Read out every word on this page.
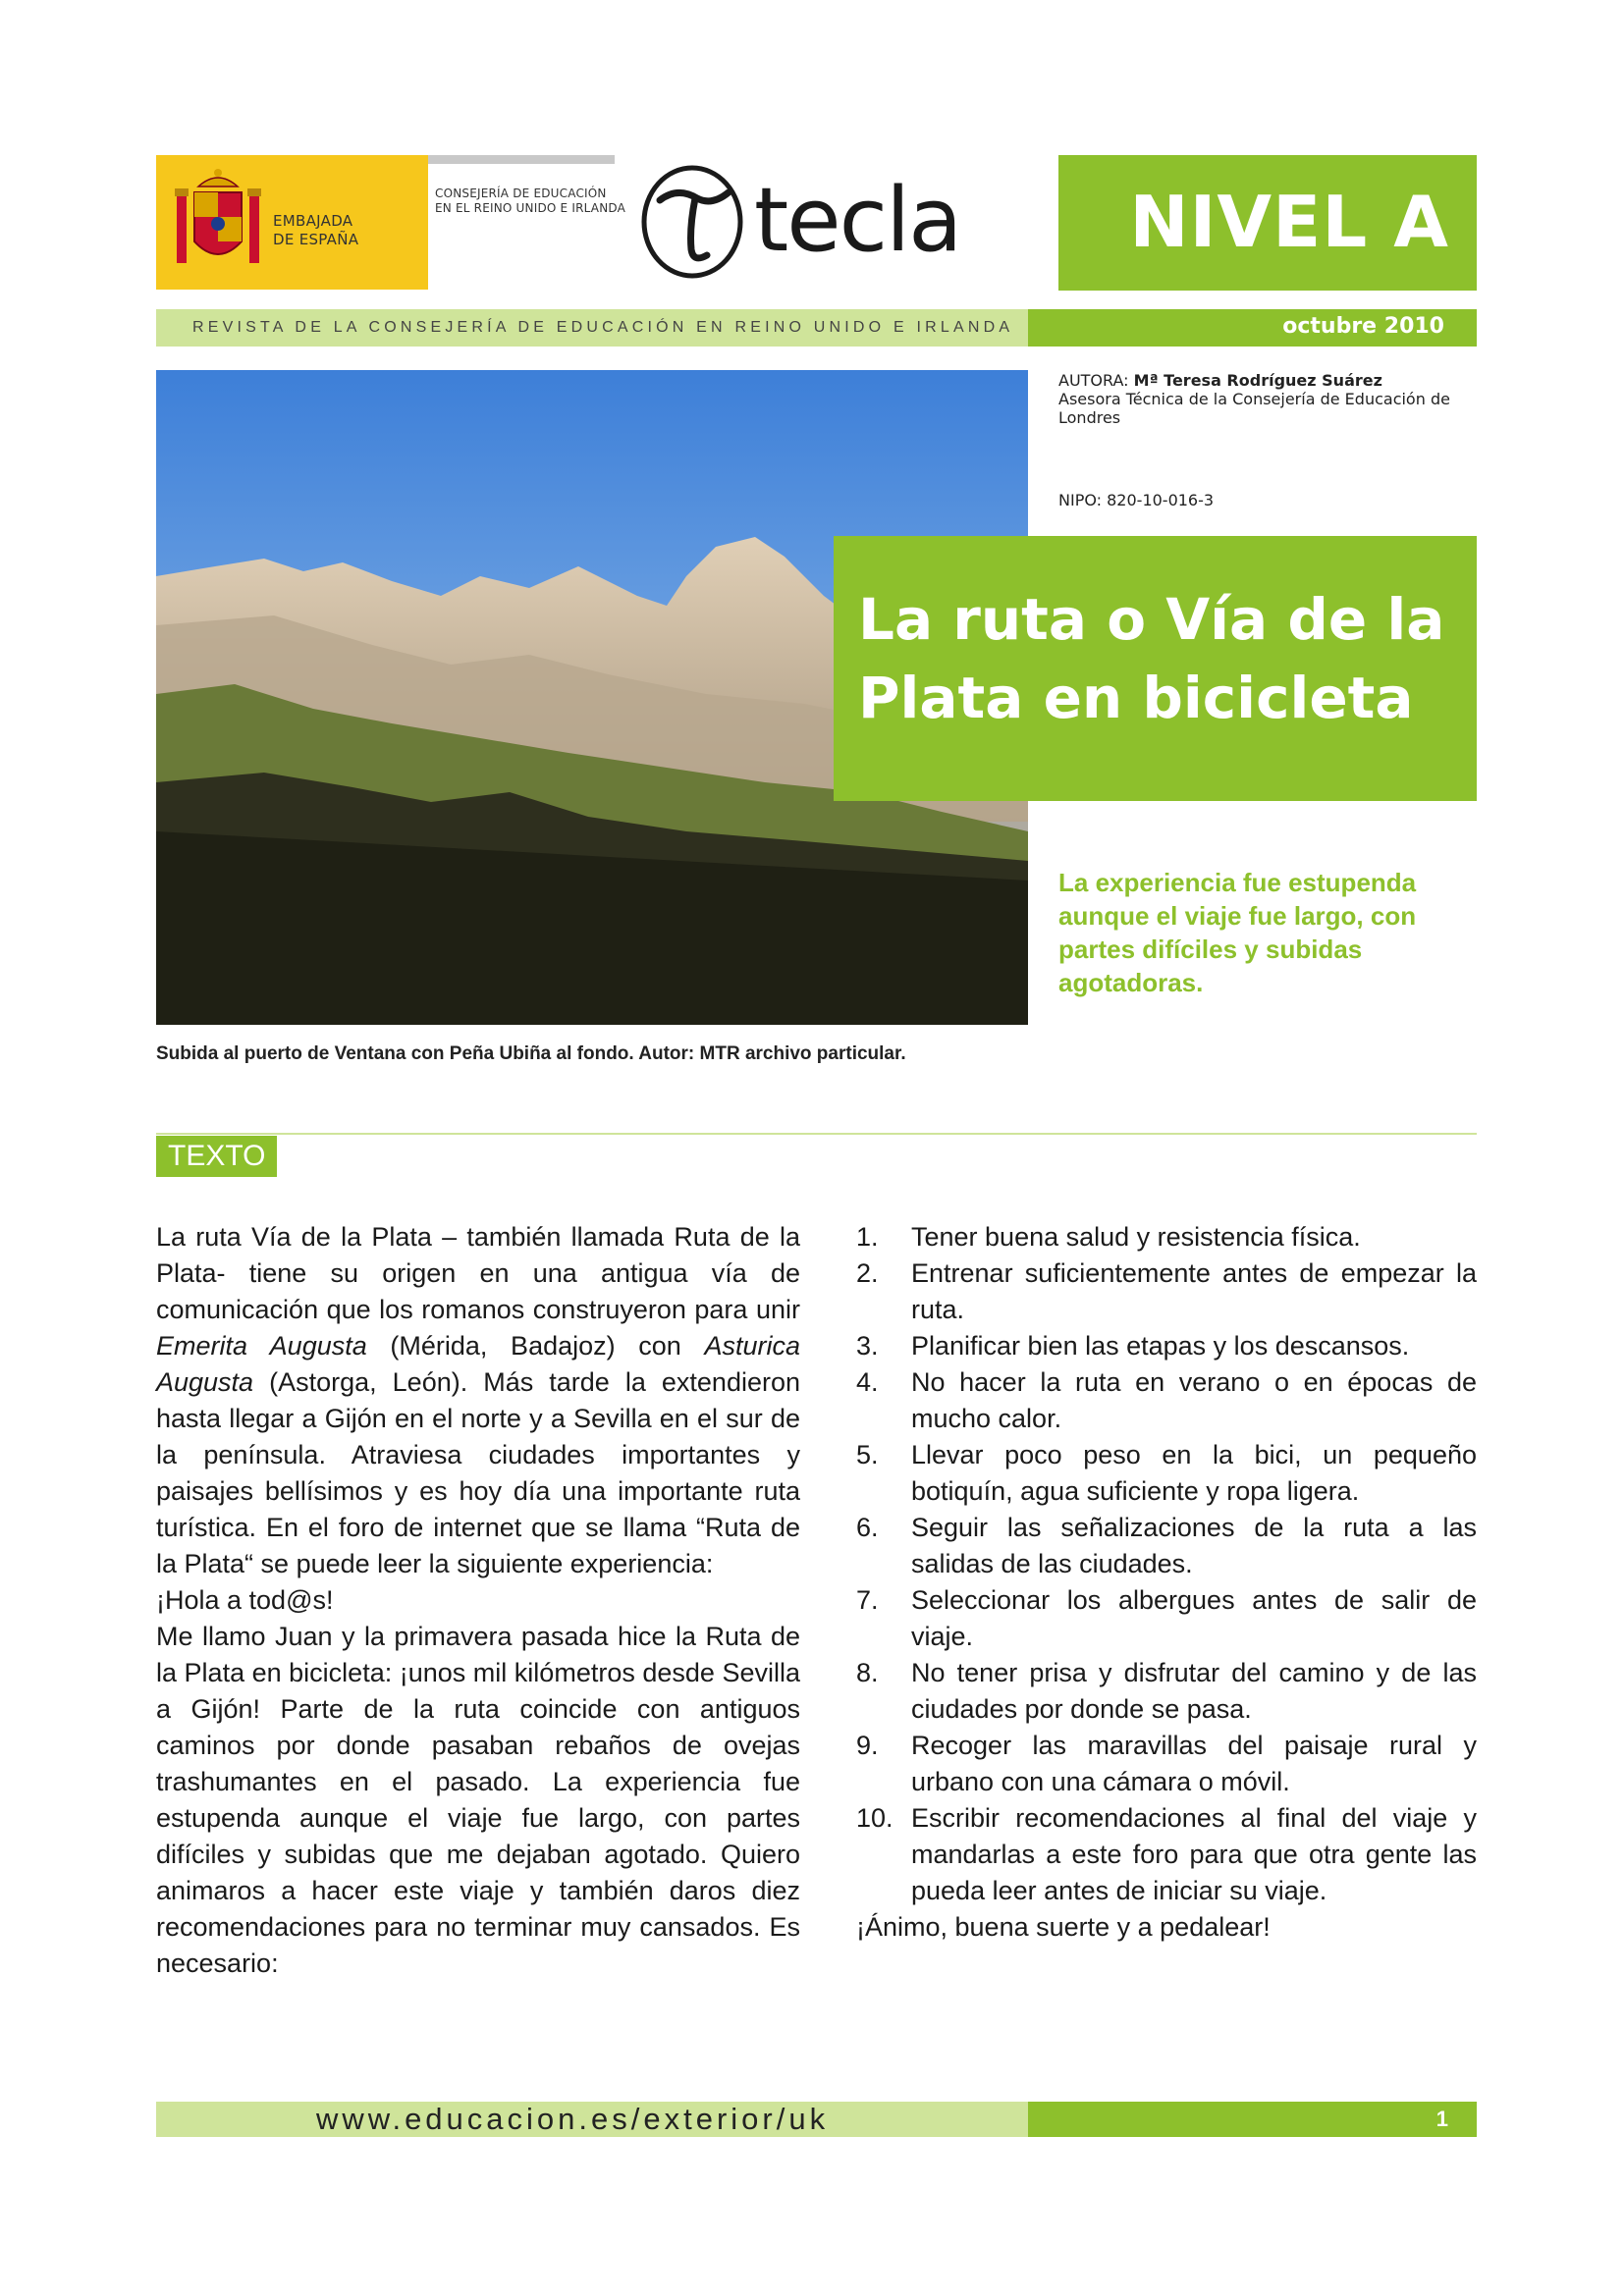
EMBAJADA
DE ESPAÑA
CONSEJERÍA DE EDUCACIÓN
EN EL REINO UNIDO E IRLANDA tecla NIVEL A
REVISTA DE LA CONSEJERÍA DE EDUCACIÓN EN REINO UNIDO E IRLANDA	octubre 2010
AUTORA: Mª Teresa Rodríguez Suárez
Asesora Técnica de la Consejería de Educación de Londres
NIPO: 820-10-016-3
Subida al puerto de Ventana con Peña Ubiña al fondo. Autor: MTR archivo particular.
La ruta o Vía de la Plata en bicicleta
La experiencia fue estupenda aunque el viaje fue largo, con partes difíciles y subidas agotadoras.
TEXTO

La ruta Vía de la Plata – también llamada Ruta de la Plata- tiene su origen en una antigua vía de comunicación que los romanos construyeron para unir Emerita Augusta (Mérida, Badajoz) con Asturica Augusta (Astorga, León). Más tarde la extendieron hasta llegar a Gijón en el norte y a Sevilla en el sur de la península. Atraviesa ciudades importantes y paisajes bellísimos y es hoy día una importante ruta turística. En el foro de internet que se llama “Ruta de la Plata“ se puede leer la siguiente experiencia:

¡Hola a tod@s!

Me llamo Juan y la primavera pasada hice la Ruta de la Plata en bicicleta: ¡unos mil kilómetros desde Sevilla a Gijón! Parte de la ruta coincide con antiguos caminos por donde pasaban rebaños de ovejas trashumantes en el pasado. La experiencia fue estupenda aunque el viaje fue largo, con partes difíciles y subidas que me dejaban agotado. Quiero animaros a hacer este viaje y también daros diez recomendaciones para no terminar muy cansados. Es necesario:

1. Tener buena salud y resistencia física.
2. Entrenar suficientemente antes de empezar la ruta.
3. Planificar bien las etapas y los descansos.
4. No hacer la ruta en verano o en épocas de mucho calor.
5. Llevar poco peso en la bici, un pequeño botiquín, agua suficiente y ropa ligera.
6. Seguir las señalizaciones de la ruta a las salidas de las ciudades.
7. Seleccionar los albergues antes de salir de viaje.
8. No tener prisa y disfrutar del camino y de las ciudades por donde se pasa.
9. Recoger las maravillas del paisaje rural y urbano con una cámara o móvil.
10. Escribir recomendaciones al final del viaje y mandarlas a este foro para que otra gente las pueda leer antes de iniciar su viaje.

¡Ánimo, buena suerte y a pedalear!

www.educacion.es/exterior/uk	1
